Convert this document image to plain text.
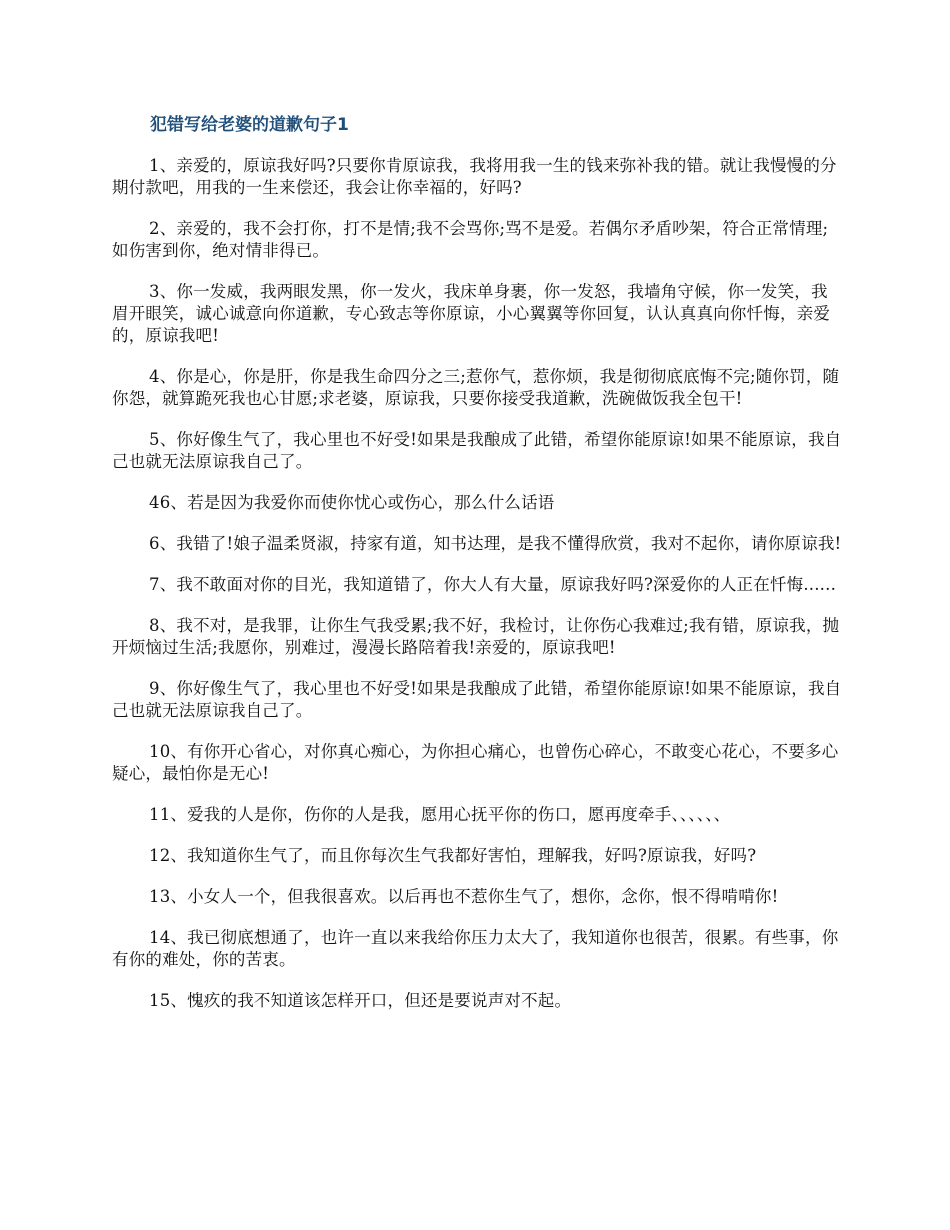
犯错写给老婆的道歉句子1

1、亲爱的，原谅我好吗?只要你肯原谅我，我将用我一生的钱来弥补我的错。就让我慢慢的分期付款吧，用我的一生来偿还，我会让你幸福的，好吗?

2、亲爱的，我不会打你，打不是情;我不会骂你;骂不是爱。若偶尔矛盾吵架，符合正常情理;如伤害到你，绝对情非得已。

3、你一发威，我两眼发黑，你一发火，我床单身裹，你一发怒，我墙角守候，你一发笑，我眉开眼笑，诚心诚意向你道歉，专心致志等你原谅，小心翼翼等你回复，认认真真向你忏悔，亲爱的，原谅我吧!

4、你是心，你是肝，你是我生命四分之三;惹你气，惹你烦，我是彻彻底底悔不完;随你罚，随你怨，就算跪死我也心甘愿;求老婆，原谅我，只要你接受我道歉，洗碗做饭我全包干!

5、你好像生气了，我心里也不好受!如果是我酿成了此错，希望你能原谅!如果不能原谅，我自己也就无法原谅我自己了。

46、若是因为我爱你而使你忧心或伤心，那么什么话语

6、我错了!娘子温柔贤淑，持家有道，知书达理，是我不懂得欣赏，我对不起你，请你原谅我!

7、我不敢面对你的目光，我知道错了，你大人有大量，原谅我好吗?深爱你的人正在忏悔......

8、我不对，是我罪，让你生气我受累;我不好，我检讨，让你伤心我难过;我有错，原谅我，抛开烦恼过生活;我愿你，别难过，漫漫长路陪着我!亲爱的，原谅我吧!

9、你好像生气了，我心里也不好受!如果是我酿成了此错，希望你能原谅!如果不能原谅，我自己也就无法原谅我自己了。

10、有你开心省心，对你真心痴心，为你担心痛心，也曾伤心碎心，不敢变心花心，不要多心疑心，最怕你是无心!

11、爱我的人是你，伤你的人是我，愿用心抚平你的伤口，愿再度牵手、、、、、、

12、我知道你生气了，而且你每次生气我都好害怕，理解我，好吗?原谅我，好吗?

13、小女人一个，但我很喜欢。以后再也不惹你生气了，想你，念你，恨不得啃啃你!

14、我已彻底想通了，也许一直以来我给你压力太大了，我知道你也很苦，很累。有些事，你有你的难处，你的苦衷。

15、愧疚的我不知道该怎样开口，但还是要说声对不起。
